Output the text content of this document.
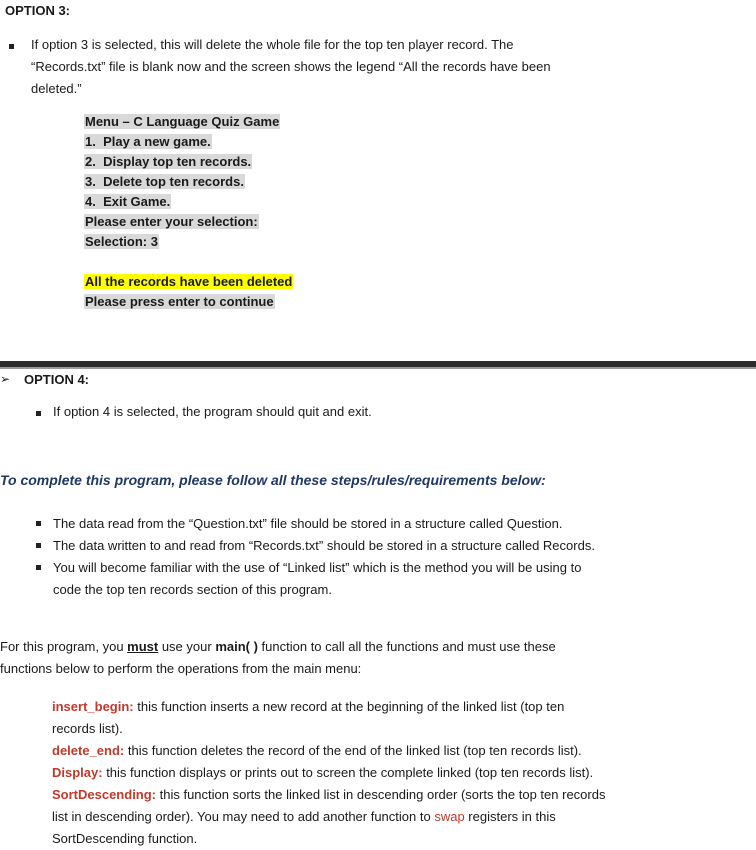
OPTION 3:
If option 3 is selected, this will delete the whole file for the top ten player record. The
“Records.txt” file is blank now and the screen shows the legend “All the records have been
deleted.”
Menu – C Language Quiz Game
1.  Play a new game.
2.  Display top ten records.
3.  Delete top ten records.
4.  Exit Game.
Please enter your selection:
Selection: 3
All the records have been deleted
Please press enter to continue
➢ OPTION 4:
If option 4 is selected, the program should quit and exit.
To complete this program, please follow all these steps/rules/requirements below:
The data read from the “Question.txt” file should be stored in a structure called Question.
The data written to and read from “Records.txt” should be stored in a structure called Records.
You will become familiar with the use of “Linked list” which is the method you will be using to
code the top ten records section of this program.
For this program, you must use your main( ) function to call all the functions and must use these
functions below to perform the operations from the main menu:
insert_begin: this function inserts a new record at the beginning of the linked list (top ten
records list).
delete_end: this function deletes the record of the end of the linked list (top ten records list).
Display: this function displays or prints out to screen the complete linked (top ten records list).
SortDescending: this function sorts the linked list in descending order (sorts the top ten records
list in descending order). You may need to add another function to swap registers in this
SortDescending function.
